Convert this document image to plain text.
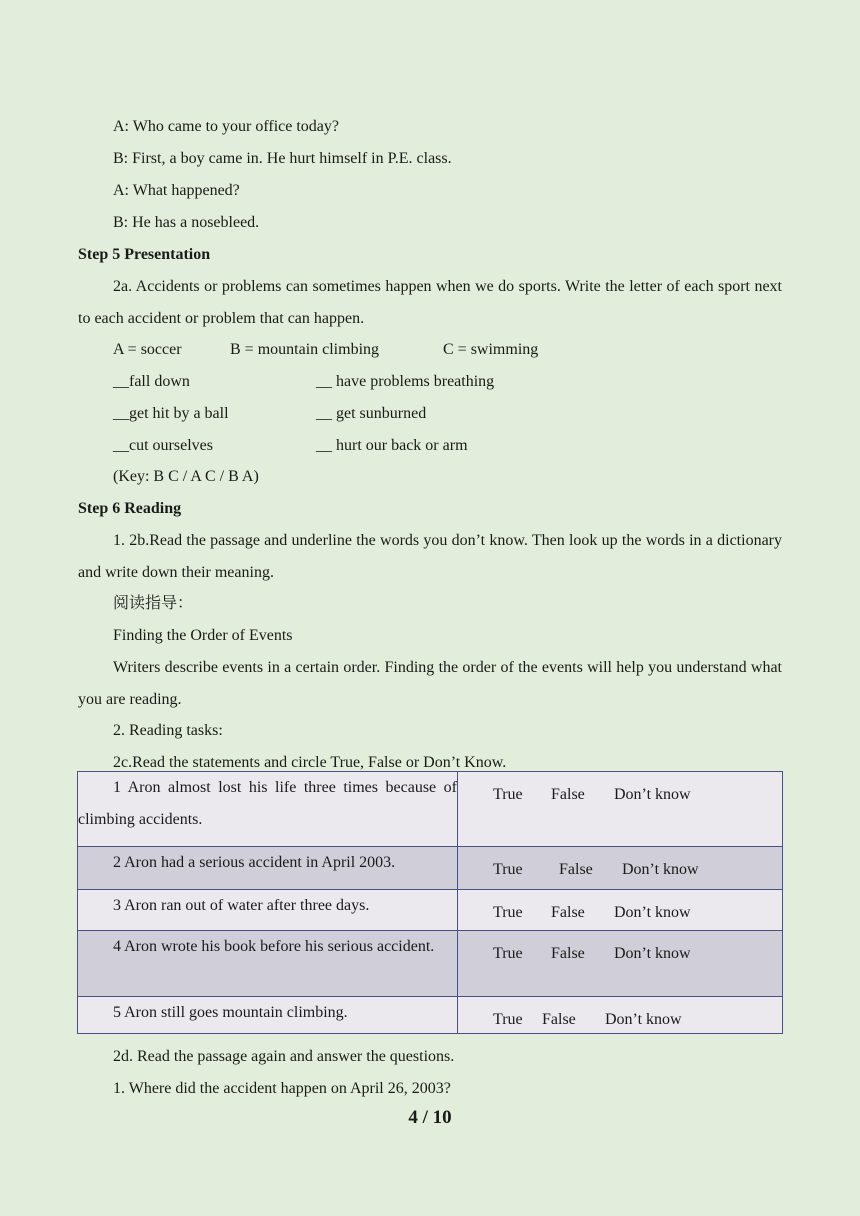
A: Who came to your office today?
B: First, a boy came in. He hurt himself in P.E. class.
A: What happened?
B: He has a nosebleed.
Step 5 Presentation
2a. Accidents or problems can sometimes happen when we do sports. Write the letter of each sport next to each accident or problem that can happen.
A = soccer	B = mountain climbing	C = swimming
__fall down	__ have problems breathing
__get hit by a ball	__ get sunburned
__cut ourselves	__ hurt our back or arm
(Key: B C / A C / B A)
Step 6 Reading
1. 2b.Read the passage and underline the words you don’t know. Then look up the words in a dictionary and write down their meaning.
阅读指导：
Finding the Order of Events
Writers describe events in a certain order. Finding the order of the events will help you understand what you are reading.
2. Reading tasks:
2c.Read the statements and circle True, False or Don’t Know.
1 Aron almost lost his life three times because of climbing accidents.	True False Don’t know

2 Aron had a serious accident in April 2003.	True False Don’t know

3 Aron ran out of water after three days.	True False Don’t know

4 Aron wrote his book before his serious accident.	True False Don’t know

5 Aron still goes mountain climbing.	True False Don’t know
2d. Read the passage again and answer the questions.
1. Where did the accident happen on April 26, 2003?
4 / 10
